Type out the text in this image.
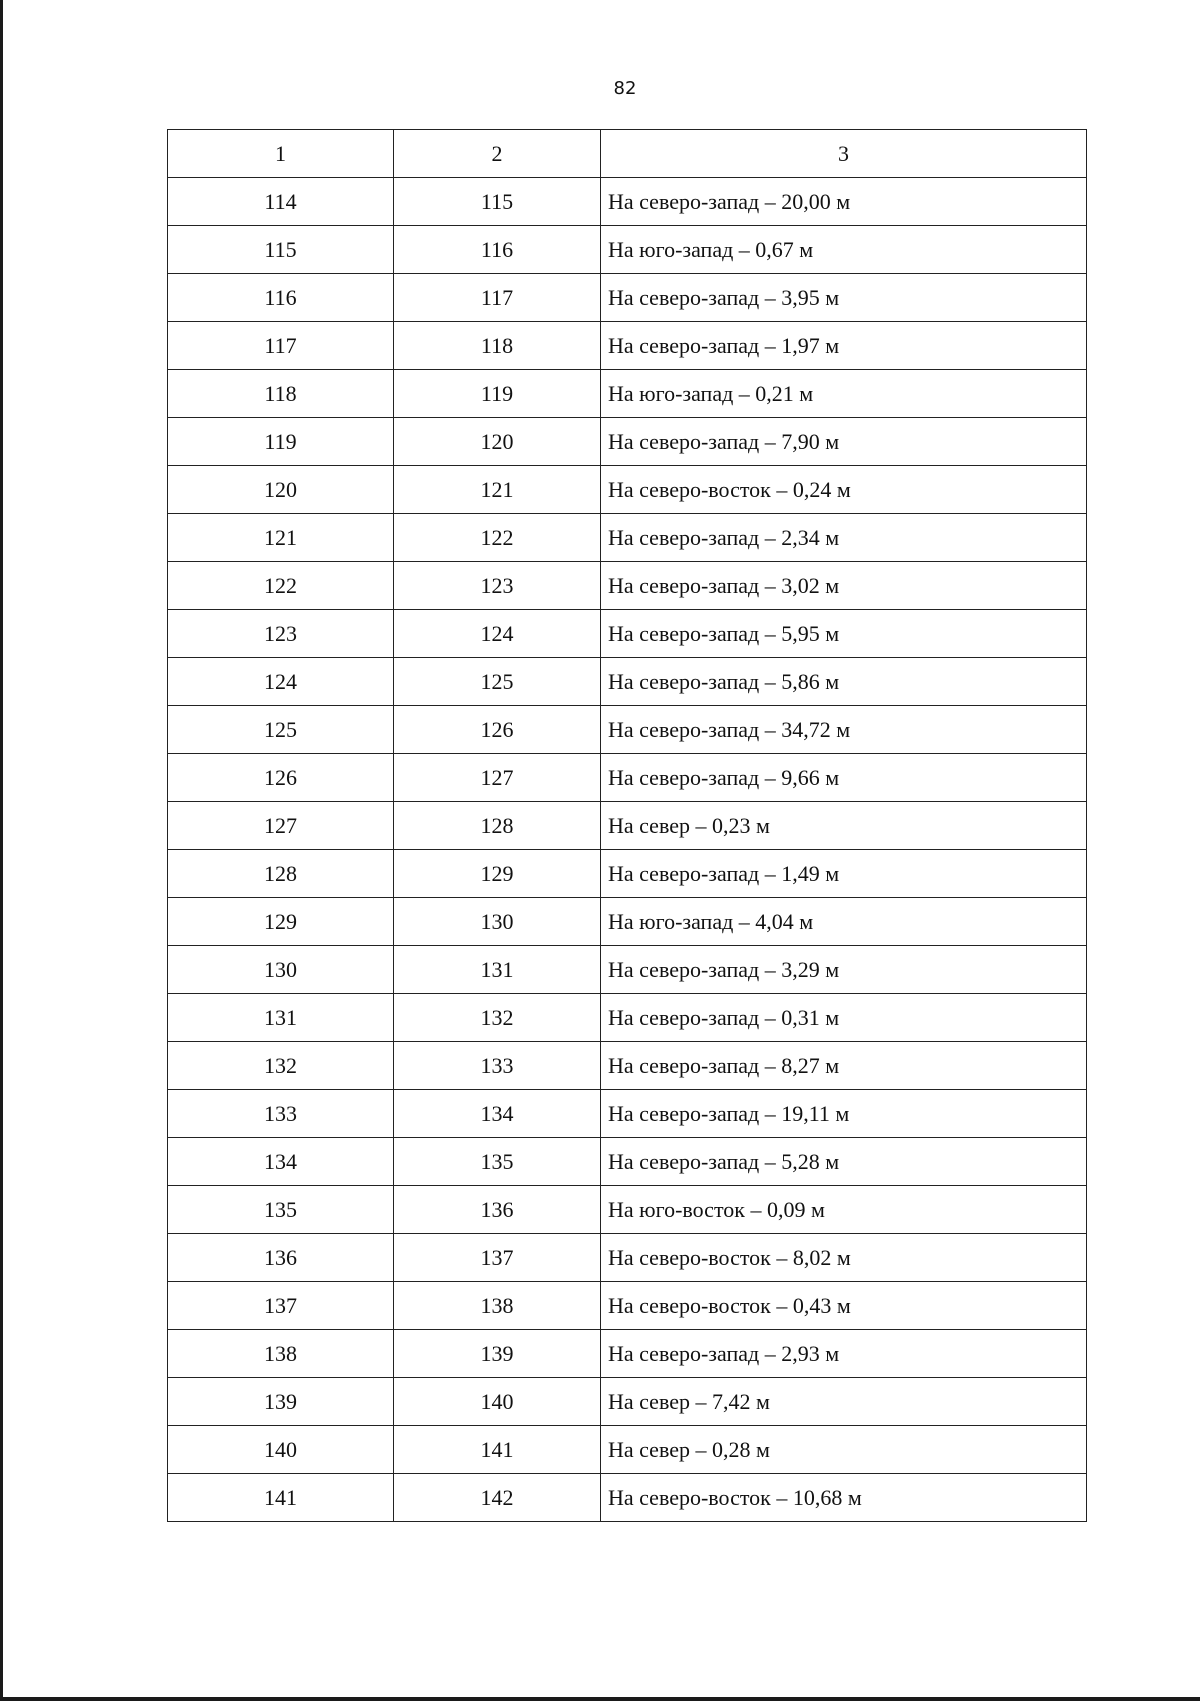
82
1	2	3
114	115	На северо-запад – 20,00 м
115	116	На юго-запад – 0,67 м
116	117	На северо-запад – 3,95 м
117	118	На северо-запад – 1,97 м
118	119	На юго-запад – 0,21 м
119	120	На северо-запад – 7,90 м
120	121	На северо-восток – 0,24 м
121	122	На северо-запад – 2,34 м
122	123	На северо-запад – 3,02 м
123	124	На северо-запад – 5,95 м
124	125	На северо-запад – 5,86 м
125	126	На северо-запад – 34,72 м
126	127	На северо-запад – 9,66 м
127	128	На север – 0,23 м
128	129	На северо-запад – 1,49 м
129	130	На юго-запад – 4,04 м
130	131	На северо-запад – 3,29 м
131	132	На северо-запад – 0,31 м
132	133	На северо-запад – 8,27 м
133	134	На северо-запад – 19,11 м
134	135	На северо-запад – 5,28 м
135	136	На юго-восток – 0,09 м
136	137	На северо-восток – 8,02 м
137	138	На северо-восток – 0,43 м
138	139	На северо-запад – 2,93 м
139	140	На север – 7,42 м
140	141	На север – 0,28 м
141	142	На северо-восток – 10,68 м
